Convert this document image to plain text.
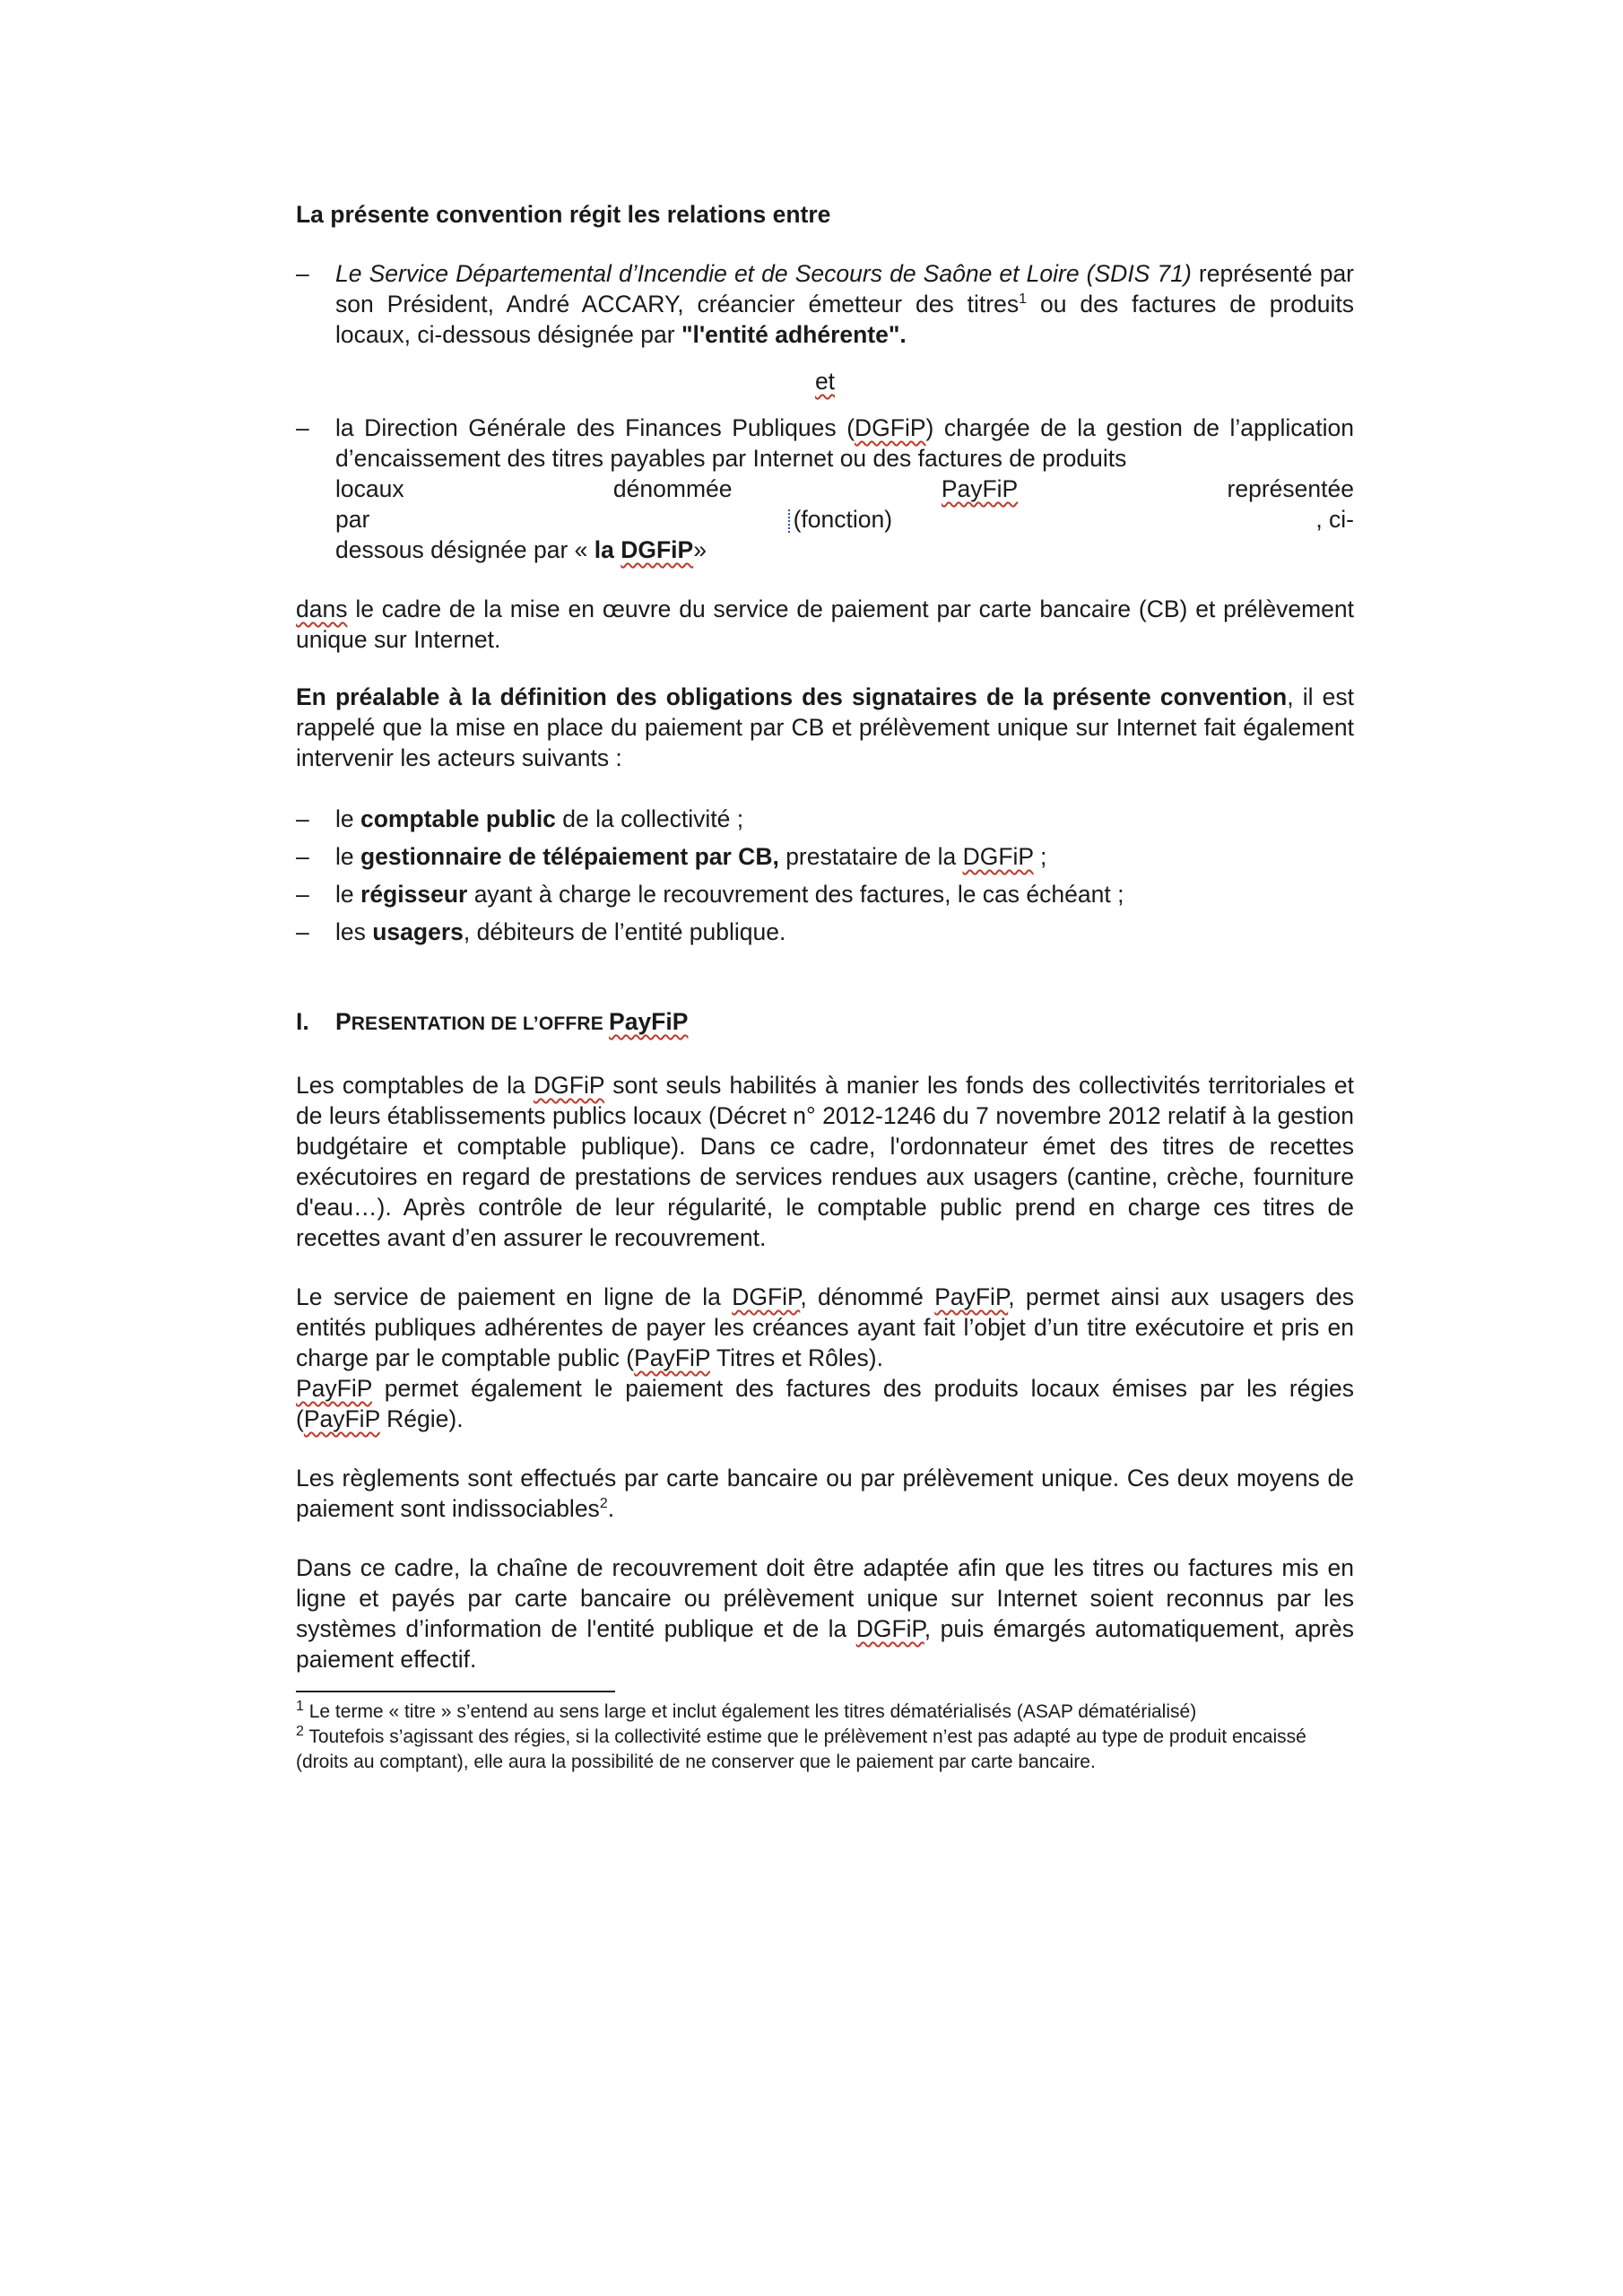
La présente convention régit les relations entre

– Le Service Départemental d’Incendie et de Secours de Saône et Loire (SDIS 71) représenté par son Président, André ACCARY, créancier émetteur des titres$^1$ ou des factures de produits locaux, ci-dessous désignée par "l'entité adhérente".

et

– la Direction Générale des Finances Publiques (DGFiP) chargée de la gestion de l’application d’encaissement des titres payables par Internet ou des factures de produits
locaux	dénommée	PayFiP	représentée
par	(fonction)	, ci-
dessous désignée par « la DGFiP»

dans le cadre de la mise en œuvre du service de paiement par carte bancaire (CB) et prélèvement unique sur Internet.

En préalable à la définition des obligations des signataires de la présente convention, il est rappelé que la mise en place du paiement par CB et prélèvement unique sur Internet fait également intervenir les acteurs suivants :

– le comptable public de la collectivité ;
– le gestionnaire de télépaiement par CB, prestataire de la DGFiP ;
– le régisseur ayant à charge le recouvrement des factures, le cas échéant ;
– les usagers, débiteurs de l’entité publique.
I.	PRESENTATION DE L’OFFRE PayFiP

Les comptables de la DGFiP sont seuls habilités à manier les fonds des collectivités territoriales et de leurs établissements publics locaux (Décret n° 2012-1246 du 7 novembre 2012 relatif à la gestion budgétaire et comptable publique). Dans ce cadre, l'ordonnateur émet des titres de recettes exécutoires en regard de prestations de services rendues aux usagers (cantine, crèche, fourniture d'eau…). Après contrôle de leur régularité, le comptable public prend en charge ces titres de recettes avant d’en assurer le recouvrement.

Le service de paiement en ligne de la DGFiP, dénommé PayFiP, permet ainsi aux usagers des entités publiques adhérentes de payer les créances ayant fait l’objet d’un titre exécutoire et pris en charge par le comptable public (PayFiP Titres et Rôles).

PayFiP permet également le paiement des factures des produits locaux émises par les régies (PayFiP Régie).

Les règlements sont effectués par carte bancaire ou par prélèvement unique. Ces deux moyens de paiement sont indissociables$^2$.

Dans ce cadre, la chaîne de recouvrement doit être adaptée afin que les titres ou factures mis en ligne et payés par carte bancaire ou prélèvement unique sur Internet soient reconnus par les systèmes d’information de l'entité publique et de la DGFiP, puis émargés automatiquement, après paiement effectif.

$^1$ Le terme « titre » s’entend au sens large et inclut également les titres dématérialisés (ASAP dématérialisé)

$^2$ Toutefois s’agissant des régies, si la collectivité estime que le prélèvement n’est pas adapté au type de produit encaissé (droits au comptant), elle aura la possibilité de ne conserver que le paiement par carte bancaire.
